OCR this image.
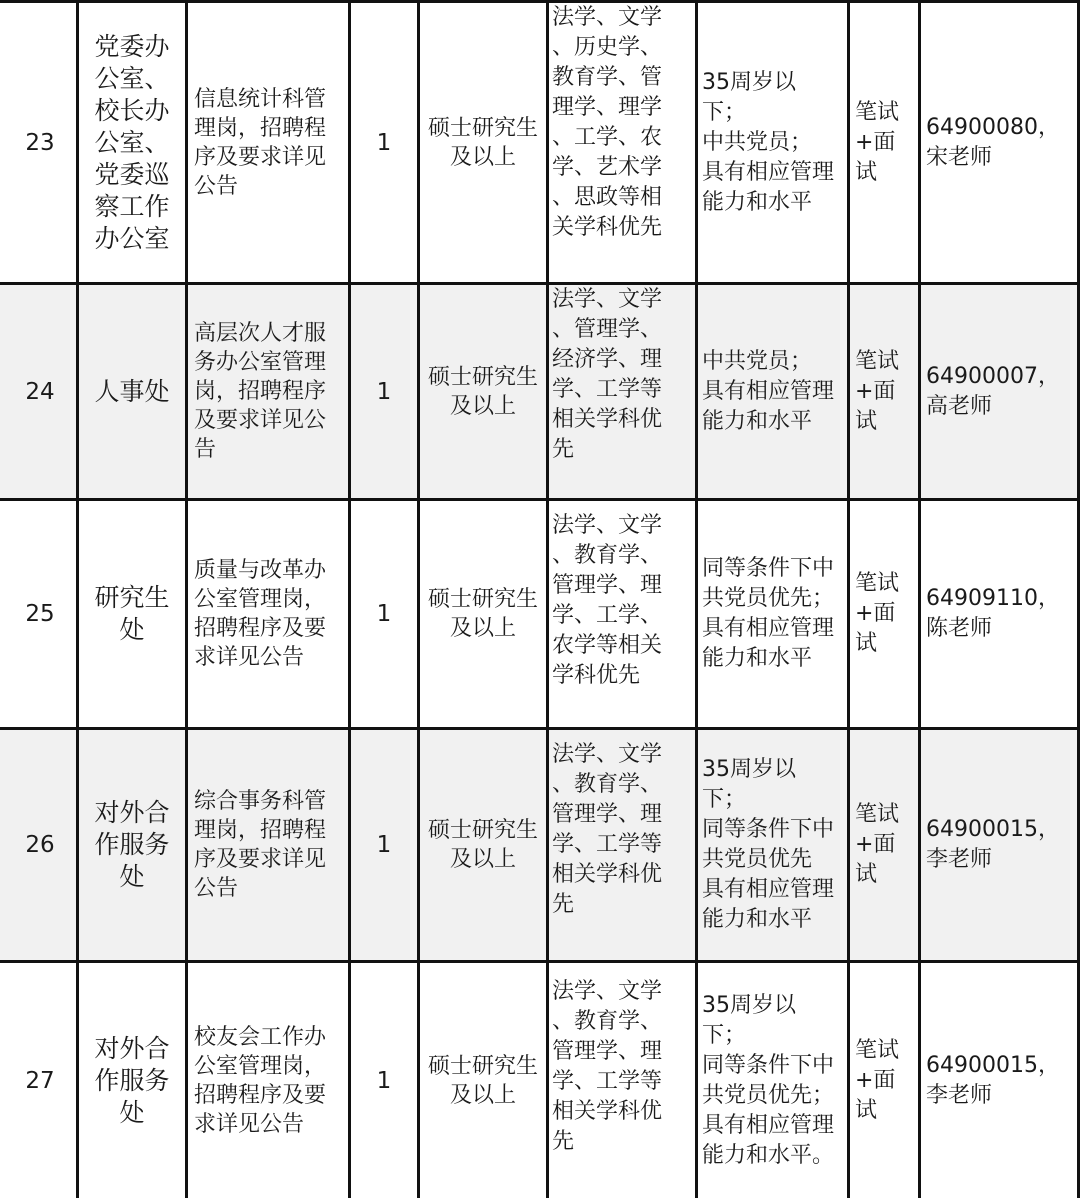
23
党委办
公室、
校长办
公室、
党委巡
察工作
办公室
信息统计科管
理岗，招聘程
序及要求详见
公告
1
硕士研究生
及以上
法学、文学
、历史学、
教育学、管
理学、理学
、工学、农
学、艺术学
、思政等相
关学科优先
35周岁以
下；
中共党员；
具有相应管理
能力和水平
笔试
+面
试
64900080，
宋老师
24 人事处
高层次人才服
务办公室管理
岗，招聘程序
及要求详见公
告
1
硕士研究生
及以上
法学、文学
、管理学、
经济学、理
学、工学等
相关学科优
先
中共党员；
具有相应管理
能力和水平
笔试
+面
试
64900007，
高老师
25
研究生
处
质量与改革办
公室管理岗，
招聘程序及要
求详见公告
1
硕士研究生
及以上
法学、文学
、教育学、
管理学、理
学、工学、
农学等相关
学科优先
同等条件下中
共党员优先；
具有相应管理
能力和水平
笔试
+面
试
64909110，
陈老师
26
对外合
作服务
处
综合事务科管
理岗，招聘程
序及要求详见
公告
1
硕士研究生
及以上
法学、文学
、教育学、
管理学、理
学、工学等
相关学科优
先
35周岁以
下；
同等条件下中
共党员优先
具有相应管理
能力和水平
笔试
+面
试
64900015，
李老师
27
对外合
作服务
处
校友会工作办
公室管理岗，
招聘程序及要
求详见公告
1
硕士研究生
及以上
法学、文学
、教育学、
管理学、理
学、工学等
相关学科优
先
35周岁以
下；
同等条件下中
共党员优先；
具有相应管理
能力和水平。
笔试
+面
试
64900015，
李老师
